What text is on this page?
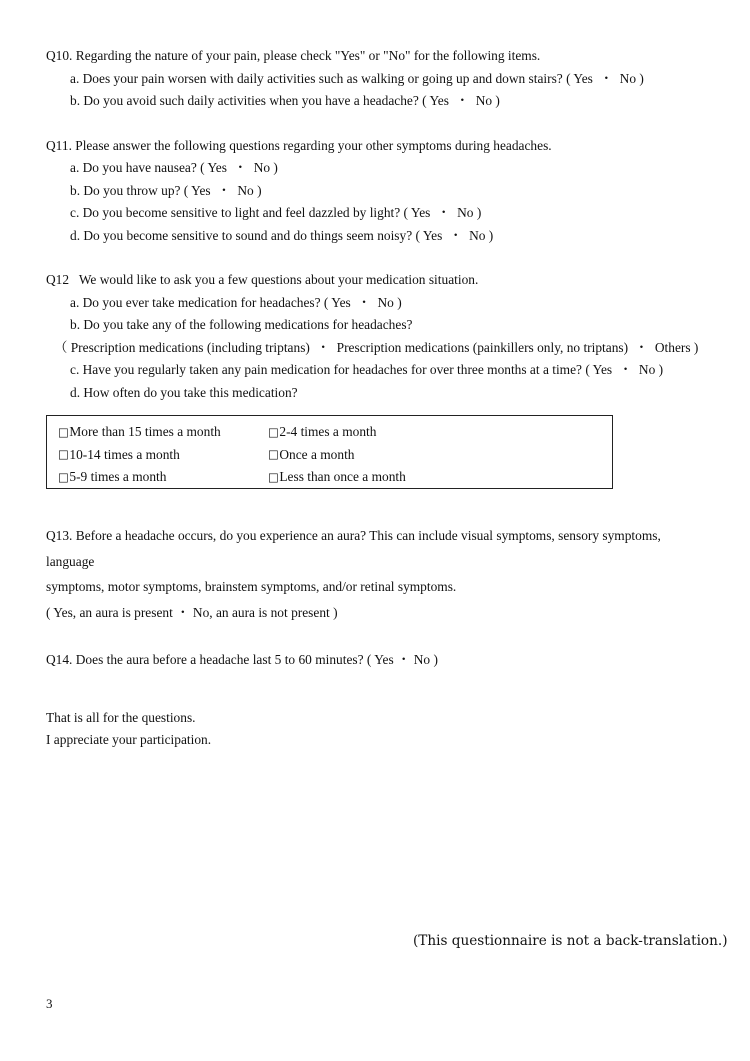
Q10. Regarding the nature of your pain, please check "Yes" or "No" for the following items.

a. Does your pain worsen with daily activities such as walking or going up and down stairs? ( Yes  ・  No )

b. Do you avoid such daily activities when you have a headache? ( Yes  ・  No )

Q11. Please answer the following questions regarding your other symptoms during headaches.

a. Do you have nausea? ( Yes  ・  No )

b. Do you throw up? ( Yes  ・  No )

c. Do you become sensitive to light and feel dazzled by light? ( Yes  ・  No )

d. Do you become sensitive to sound and do things seem noisy? ( Yes  ・  No )

Q12   We would like to ask you a few questions about your medication situation.

a. Do you ever take medication for headaches? ( Yes  ・  No )

b. Do you take any of the following medications for headaches?

（ Prescription medications (including triptans)  ・  Prescription medications (painkillers only, no triptans)  ・  Others )

c. Have you regularly taken any pain medication for headaches for over three months at a time? ( Yes  ・  No )

d. How often do you take this medication?

□More than 15 times a month	□2-4 times a month
□10-14 times a month	□Once a month
□5-9 times a month	□Less than once a month

Q13. Before a headache occurs, do you experience an aura? This can include visual symptoms, sensory symptoms, language

symptoms, motor symptoms, brainstem symptoms, and/or retinal symptoms.

( Yes, an aura is present ・ No, an aura is not present )

Q14. Does the aura before a headache last 5 to 60 minutes? ( Yes ・ No )

That is all for the questions.

I appreciate your participation.

(This questionnaire is not a back-translation.)
3
